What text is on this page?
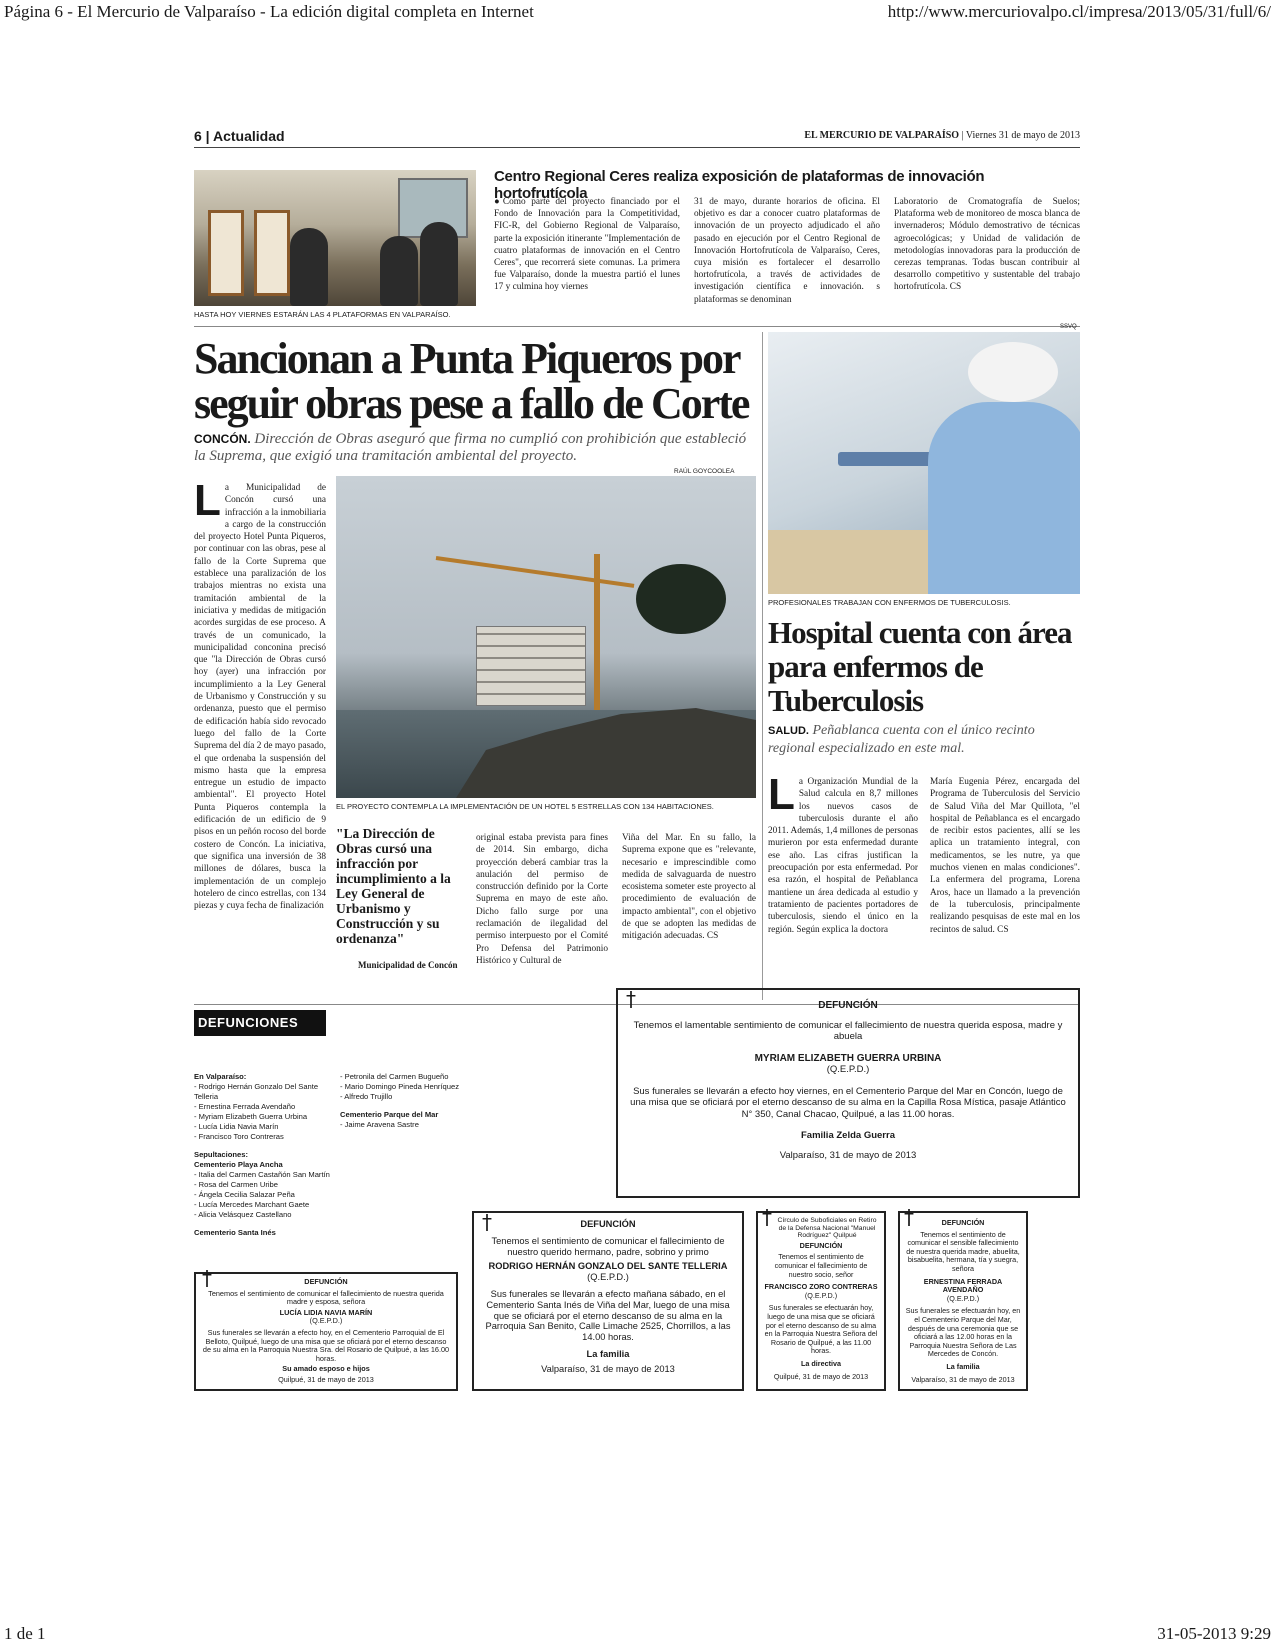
Página 6 - El Mercurio de Valparaíso - La edición digital completa en Internet	http://www.mercuriovalpo.cl/impresa/2013/05/31/full/6/
1 de 1	31-05-2013 9:29
6 | Actualidad	EL MERCURIO DE VALPARAÍSO | Viernes 31 de mayo de 2013
HASTA HOY VIERNES ESTARÁN LAS 4 PLATAFORMAS EN VALPARAÍSO.
Centro Regional Ceres realiza exposición de plataformas de innovación hortofrutícola
●Como parte del proyecto financiado por el Fondo de Innovación para la Competitividad, FIC-R, del Gobierno Regional de Valparaíso, parte la exposición itinerante "Implementación de cuatro plataformas de innovación en el Centro Ceres", que recorrerá siete comunas. La primera fue Valparaíso, donde la muestra partió el lunes 17 y culmina hoy viernes
31 de mayo, durante horarios de oficina. El objetivo es dar a conocer cuatro plataformas de innovación de un proyecto adjudicado el año pasado en ejecución por el Centro Regional de Innovación Hortofrutícola de Valparaíso, Ceres, cuya misión es fortalecer el desarrollo hortofrutícola, a través de actividades de investigación científica e innovación. s plataformas se denominan
Laboratorio de Cromatografía de Suelos; Plataforma web de monitoreo de mosca blanca de invernaderos; Módulo demostrativo de técnicas agroecológicas; y Unidad de validación de metodologías innovadoras para la producción de cerezas tempranas. Todas buscan contribuir al desarrollo competitivo y sustentable del trabajo hortofrutícola. CS
Sancionan a Punta Piqueros por seguir obras pese a fallo de Corte
CONCÓN. Dirección de Obras aseguró que firma no cumplió con prohibición que estableció la Suprema, que exigió una tramitación ambiental del proyecto.
RAÚL GOYCOOLEA
L a Municipalidad de Concón cursó una infracción a la inmobiliaria a cargo de la construcción del proyecto Hotel Punta Piqueros, por continuar con las obras, pese al fallo de la Corte Suprema que establece una paralización de los trabajos mientras no exista una tramitación ambiental de la iniciativa y medidas de mitigación acordes surgidas de ese proceso. A través de un comunicado, la municipalidad conconina precisó que "la Dirección de Obras cursó hoy (ayer) una infracción por incumplimiento a la Ley General de Urbanismo y Construcción y su ordenanza, puesto que el permiso de edificación había sido revocado luego del fallo de la Corte Suprema del día 2 de mayo pasado, el que ordenaba la suspensión del mismo hasta que la empresa entregue un estudio de impacto ambiental". El proyecto Hotel Punta Piqueros contempla la edificación de un edificio de 9 pisos en un peñón rocoso del borde costero de Concón. La iniciativa, que significa una inversión de 38 millones de dólares, busca la implementación de un complejo hotelero de cinco estrellas, con 134 piezas y cuya fecha de finalización
EL PROYECTO CONTEMPLA LA IMPLEMENTACIÓN DE UN HOTEL 5 ESTRELLAS CON 134 HABITACIONES.
"La Dirección de Obras cursó una infracción por incumplimiento a la Ley General de Urbanismo y Construcción y su ordenanza"
Municipalidad de Concón
original estaba prevista para fines de 2014. Sin embargo, dicha proyección deberá cambiar tras la anulación del permiso de construcción definido por la Corte Suprema en mayo de este año. Dicho fallo surge por una reclamación de ilegalidad del permiso interpuesto por el Comité Pro Defensa del Patrimonio Histórico y Cultural de
Viña del Mar. En su fallo, la Suprema expone que es "relevante, necesario e imprescindible como medida de salvaguarda de nuestro ecosistema someter este proyecto al procedimiento de evaluación de impacto ambiental", con el objetivo de que se adopten las medidas de mitigación adecuadas. CS
SSVQ
PROFESIONALES TRABAJAN CON ENFERMOS DE TUBERCULOSIS.
Hospital cuenta con área para enfermos de Tuberculosis
SALUD. Peñablanca cuenta con el único recinto regional especializado en este mal.
L a Organización Mundial de la Salud calcula en 8,7 millones los nuevos casos de tuberculosis durante el año 2011. Además, 1,4 millones de personas murieron por esta enfermedad durante ese año. Las cifras justifican la preocupación por esta enfermedad. Por esa razón, el hospital de Peñablanca mantiene un área dedicada al estudio y tratamiento de pacientes portadores de tuberculosis, siendo el único en la región. Según explica la doctora
María Eugenia Pérez, encargada del Programa de Tuberculosis del Servicio de Salud Viña del Mar Quillota, "el hospital de Peñablanca es el encargado de recibir estos pacientes, allí se les aplica un tratamiento integral, con medicamentos, se les nutre, ya que muchos vienen en malas condiciones". La enfermera del programa, Lorena Aros, hace un llamado a la prevención de la tuberculosis, principalmente realizando pesquisas de este mal en los recintos de salud. CS
DEFUNCIONES
En Valparaíso:
- Rodrigo Hernán Gonzalo Del Sante Telleria
- Ernestina Ferrada Avendaño
- Myriam Elizabeth Guerra Urbina
- Lucía Lidia Navia Marín
- Francisco Toro Contreras
Sepultaciones:
Cementerio Playa Ancha
- Italia del Carmen Castañón San Martín
- Rosa del Carmen Uribe
- Ángela Cecilia Salazar Peña
- Lucía Mercedes Marchant Gaete
- Alicia Velásquez Castellano
Cementerio Santa Inés
- Petronila del Carmen Bugueño
- Mario Domingo Pineda Henríquez
- Alfredo Trujillo
Cementerio Parque del Mar
- Jaime Aravena Sastre
†	DEFUNCIÓN
Tenemos el lamentable sentimiento de comunicar el fallecimiento de nuestra querida esposa, madre y abuela
MYRIAM ELIZABETH GUERRA URBINA
(Q.E.P.D.)
Sus funerales se llevarán a efecto hoy viernes, en el Cementerio Parque del Mar en Concón, luego de una misa que se oficiará por el eterno descanso de su alma en la Capilla Rosa Mística, pasaje Atlántico N° 350, Canal Chacao, Quilpué, a las 11.00 horas.
Familia Zelda Guerra
Valparaíso, 31 de mayo de 2013
†	DEFUNCIÓN
Tenemos el sentimiento de comunicar el fallecimiento de nuestro querido hermano, padre, sobrino y primo
RODRIGO HERNÁN GONZALO DEL SANTE TELLERIA
(Q.E.P.D.)
Sus funerales se llevarán a efecto mañana sábado, en el Cementerio Santa Inés de Viña del Mar, luego de una misa que se oficiará por el eterno descanso de su alma en la Parroquia San Benito, Calle Limache 2525, Chorrillos, a las 14.00 horas.
La familia
Valparaíso, 31 de mayo de 2013
† Círculo de Suboficiales en Retiro de la Defensa Nacional "Manuel Rodríguez" Quilpué
DEFUNCIÓN
Tenemos el sentimiento de comunicar el fallecimiento de nuestro socio, señor
FRANCISCO ZORO CONTRERAS
(Q.E.P.D.)
Sus funerales se efectuarán hoy, luego de una misa que se oficiará por el eterno descanso de su alma en la Parroquia Nuestra Señora del Rosario de Quilpué, a las 11.00 horas.
La directiva
Quilpué, 31 de mayo de 2013
†	DEFUNCIÓN
Tenemos el sentimiento de comunicar el sensible fallecimiento de nuestra querida madre, abuelita, bisabuelita, hermana, tía y suegra, señora
ERNESTINA FERRADA AVENDAÑO
(Q.E.P.D.)
Sus funerales se efectuarán hoy, en el Cementerio Parque del Mar, después de una ceremonia que se oficiará a las 12.00 horas en la Parroquia Nuestra Señora de Las Mercedes de Concón.
La familia
Valparaíso, 31 de mayo de 2013
†	DEFUNCIÓN
Tenemos el sentimiento de comunicar el fallecimiento de nuestra querida madre y esposa, señora
LUCÍA LIDIA NAVIA MARÍN
(Q.E.P.D.)
Sus funerales se llevarán a efecto hoy, en el Cementerio Parroquial de El Belloto, Quilpué, luego de una misa que se oficiará por el eterno descanso de su alma en la Parroquia Nuestra Sra. del Rosario de Quilpué, a las 16.00 horas.
Su amado esposo e hijos
Quilpué, 31 de mayo de 2013
